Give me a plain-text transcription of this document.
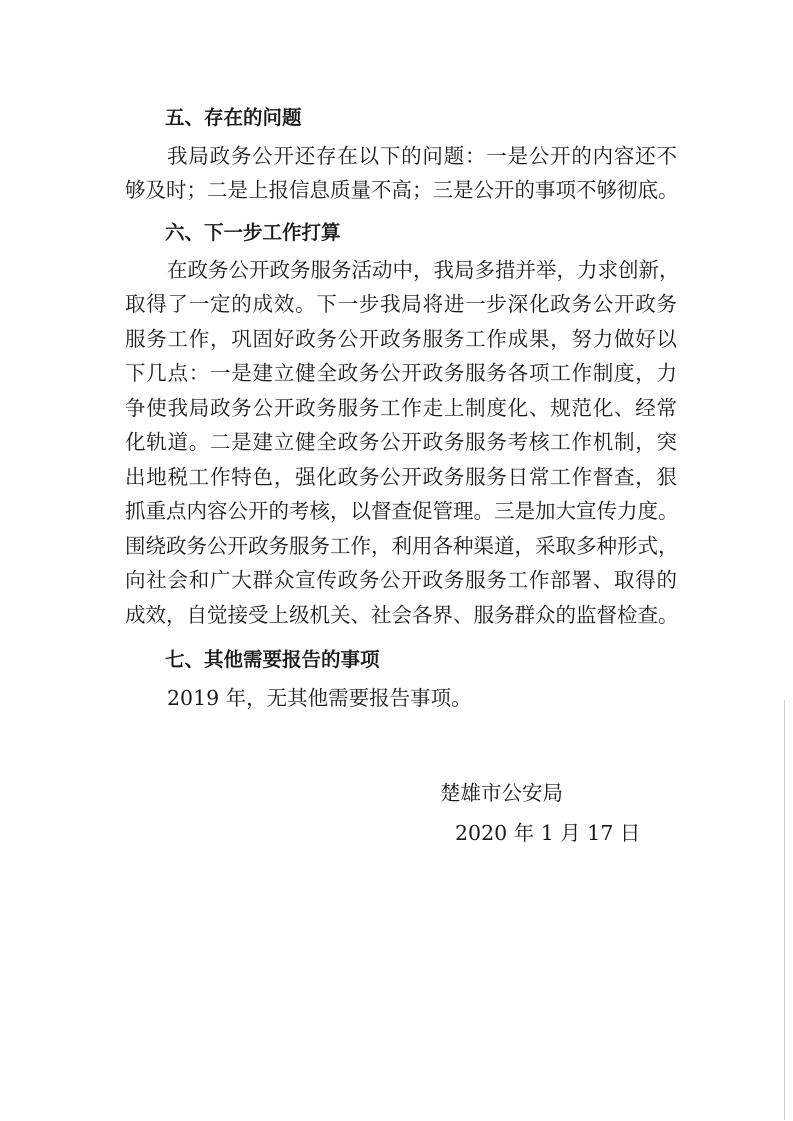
五、存在的问题
我局政务公开还存在以下的问题：一是公开的内容还不
够及时；二是上报信息质量不高；三是公开的事项不够彻底。
六、下一步工作打算
在政务公开政务服务活动中，我局多措并举，力求创新，
取得了一定的成效。下一步我局将进一步深化政务公开政务
服务工作，巩固好政务公开政务服务工作成果，努力做好以
下几点：一是建立健全政务公开政务服务各项工作制度，力
争使我局政务公开政务服务工作走上制度化、规范化、经常
化轨道。二是建立健全政务公开政务服务考核工作机制，突
出地税工作特色，强化政务公开政务服务日常工作督查，狠
抓重点内容公开的考核，以督查促管理。三是加大宣传力度。
围绕政务公开政务服务工作，利用各种渠道，采取多种形式，
向社会和广大群众宣传政务公开政务服务工作部署、取得的
成效，自觉接受上级机关、社会各界、服务群众的监督检查。
七、其他需要报告的事项
2019 年，无其他需要报告事项。
楚雄市公安局
2020 年 1 月 17 日
